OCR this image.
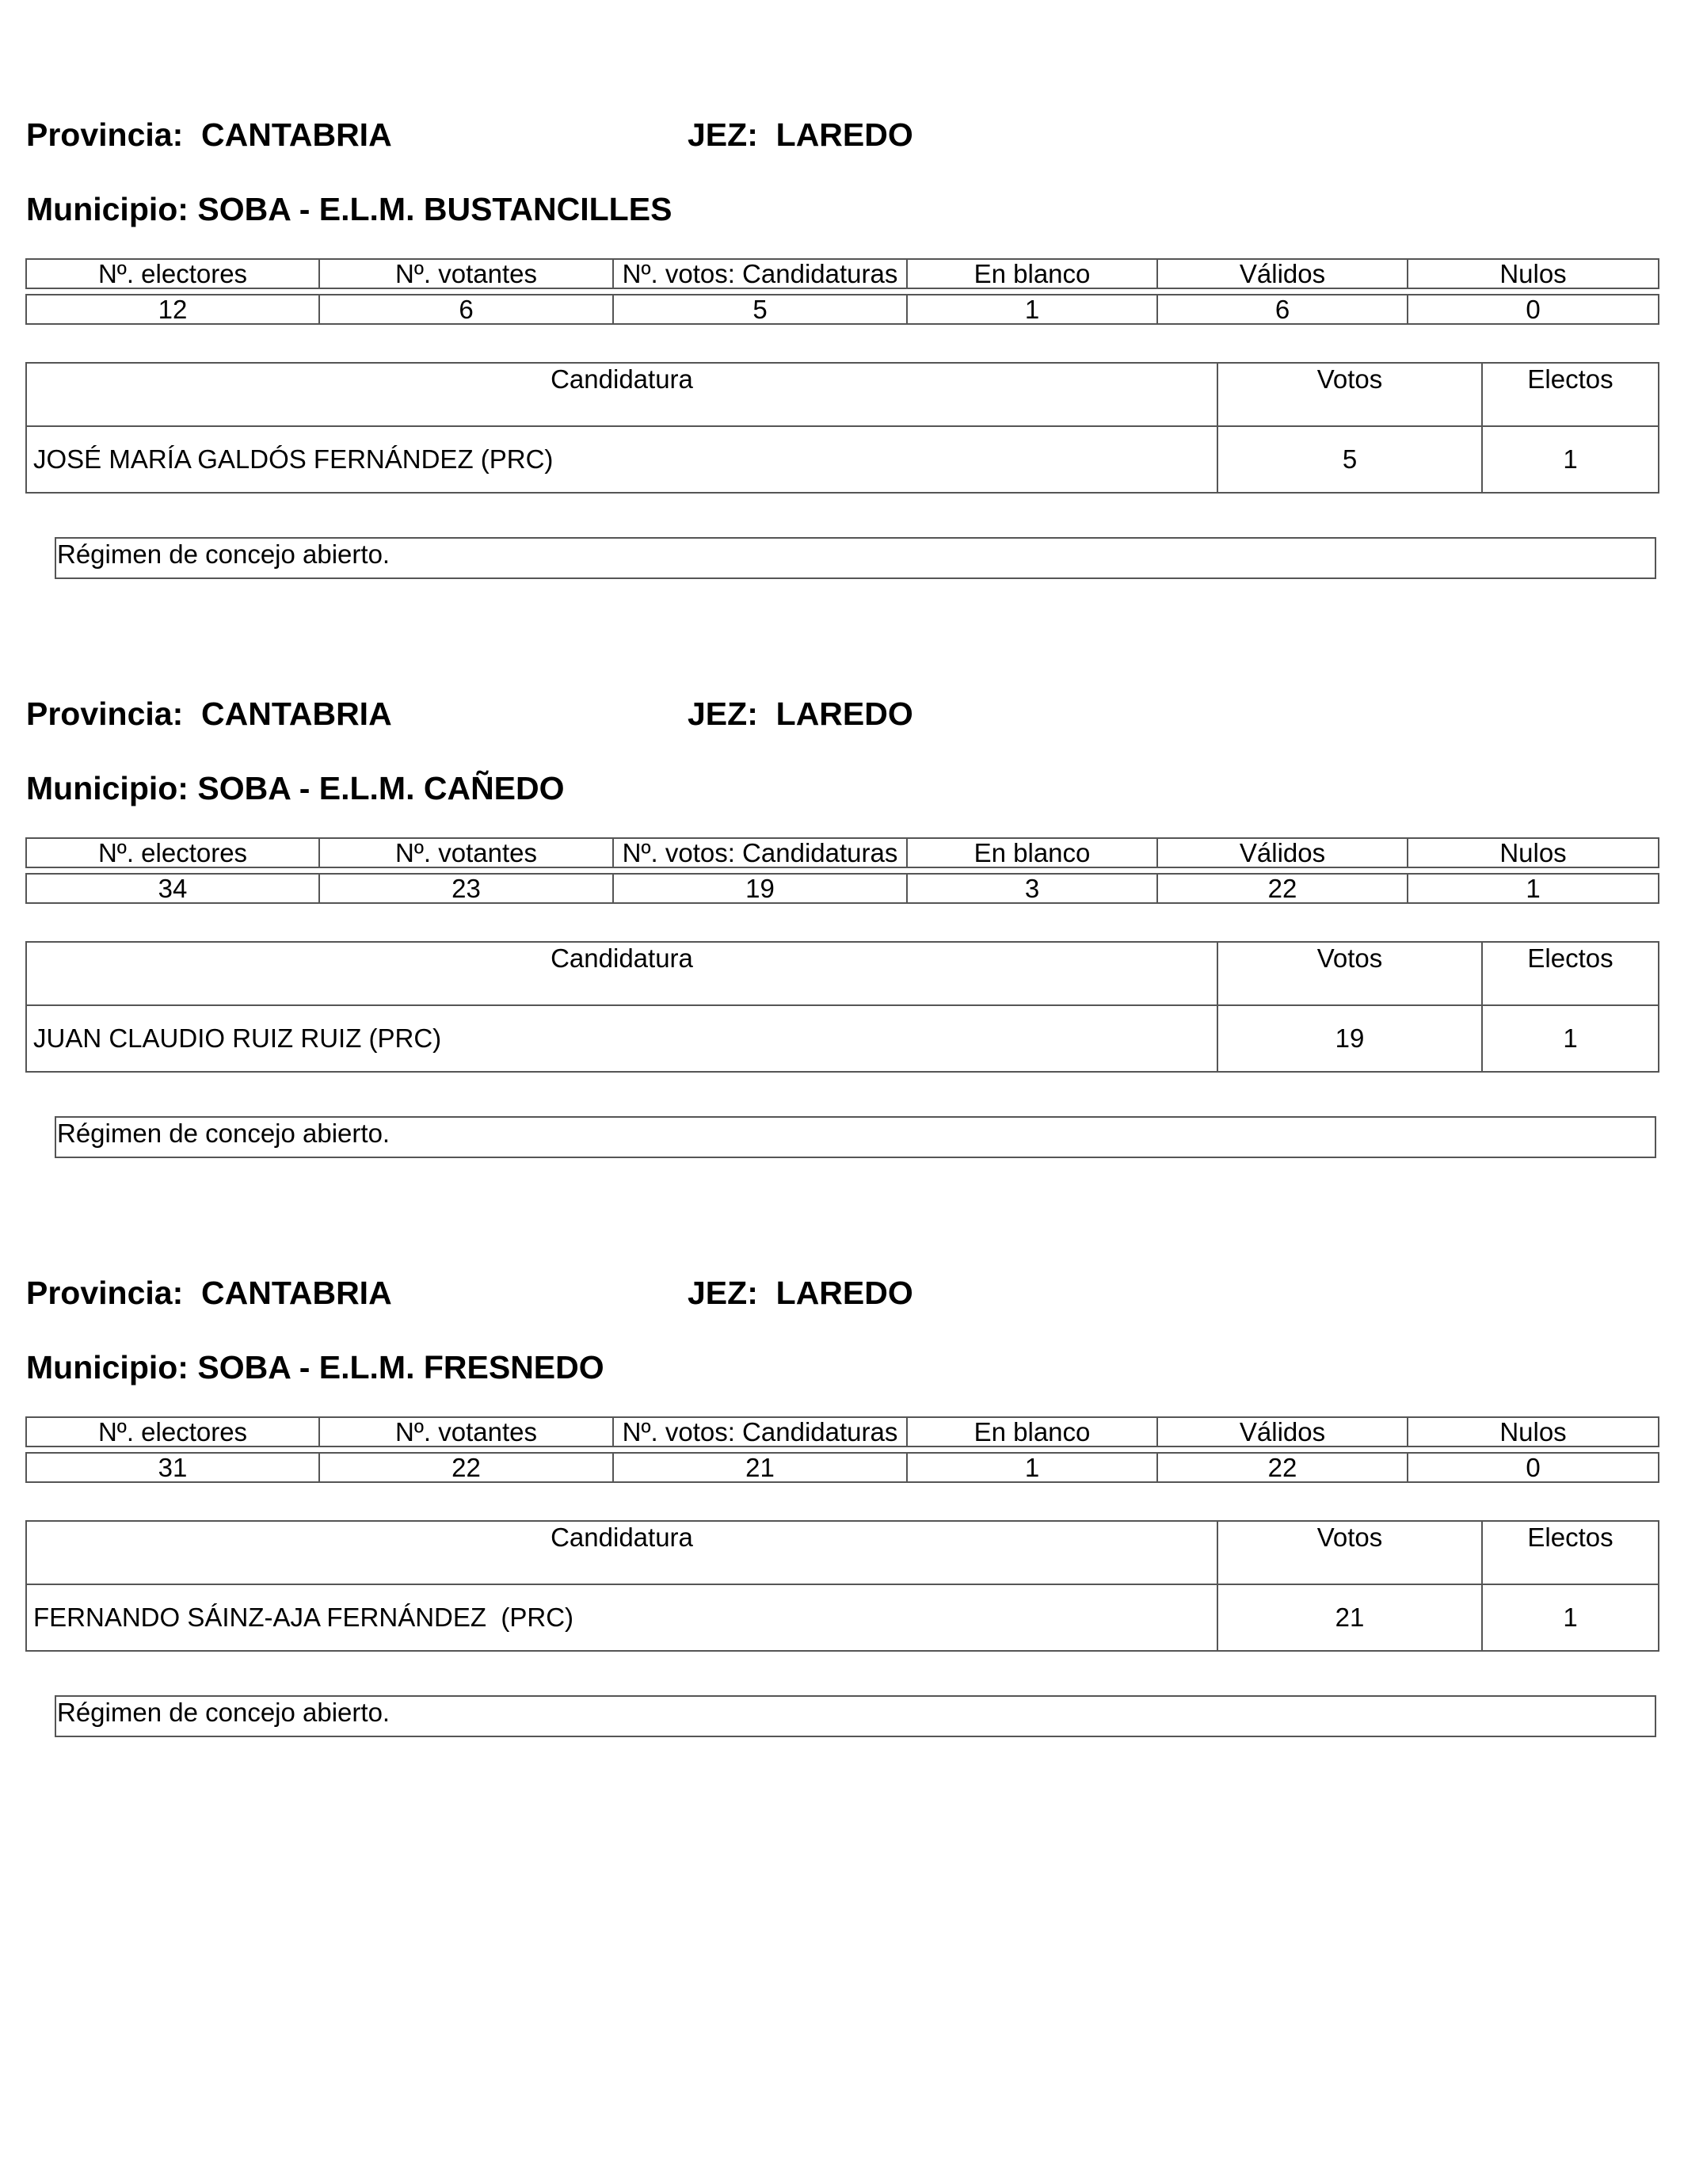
Provincia: CANTABRIA	JEZ: LAREDO
Municipio: SOBA - E.L.M. BUSTANCILLES
Nº. electores	Nº. votantes	Nº. votos: Candidaturas	En blanco	Válidos	Nulos
12	6	5	1	6	0
Candidatura	Votos	Electos
JOSÉ MARÍA GALDÓS FERNÁNDEZ (PRC)	5	1
Régimen de concejo abierto.
Provincia: CANTABRIA	JEZ: LAREDO
Municipio: SOBA - E.L.M. CAÑEDO
Nº. electores	Nº. votantes	Nº. votos: Candidaturas	En blanco	Válidos	Nulos
34	23	19	3	22	1
Candidatura	Votos	Electos
JUAN CLAUDIO RUIZ RUIZ (PRC)	19	1
Régimen de concejo abierto.
Provincia: CANTABRIA	JEZ: LAREDO
Municipio: SOBA - E.L.M. FRESNEDO
Nº. electores	Nº. votantes	Nº. votos: Candidaturas	En blanco	Válidos	Nulos
31	22	21	1	22	0
Candidatura	Votos	Electos
FERNANDO SÁINZ-AJA FERNÁNDEZ  (PRC)	21	1
Régimen de concejo abierto.
